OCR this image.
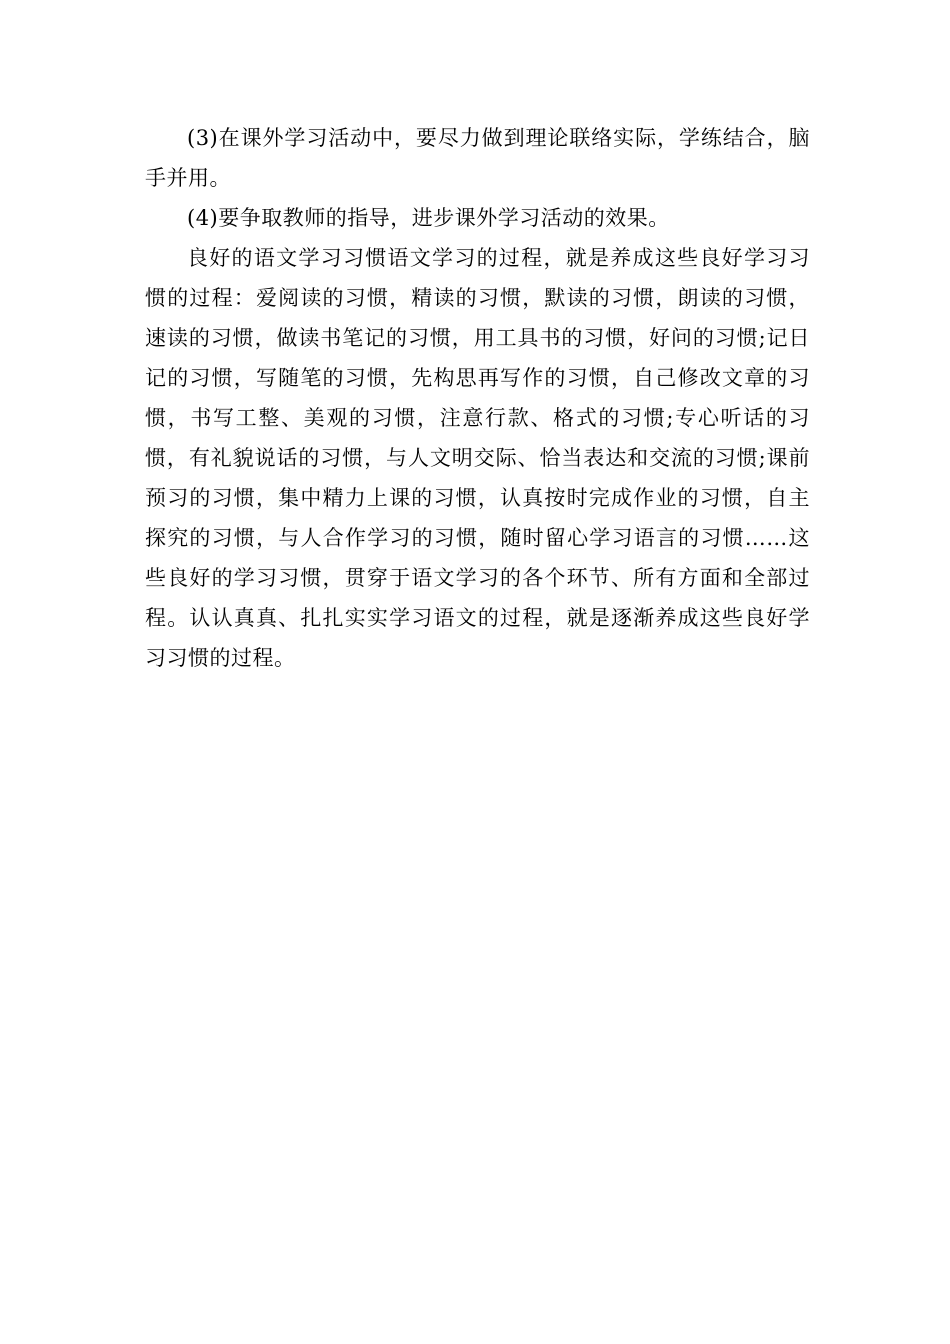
(3)在课外学习活动中，要尽力做到理论联络实际，学练结合，脑手并用。

(4)要争取教师的指导，进步课外学习活动的效果。

良好的语文学习习惯语文学习的过程，就是养成这些良好学习习惯的过程：爱阅读的习惯，精读的习惯，默读的习惯，朗读的习惯，速读的习惯，做读书笔记的习惯，用工具书的习惯，好问的习惯;记日记的习惯，写随笔的习惯，先构思再写作的习惯，自己修改文章的习惯，书写工整、美观的习惯，注意行款、格式的习惯;专心听话的习惯，有礼貌说话的习惯，与人文明交际、恰当表达和交流的习惯;课前预习的习惯，集中精力上课的习惯，认真按时完成作业的习惯，自主探究的习惯，与人合作学习的习惯，随时留心学习语言的习惯……这些良好的学习习惯，贯穿于语文学习的各个环节、所有方面和全部过程。认认真真、扎扎实实学习语文的过程，就是逐渐养成这些良好学习习惯的过程。
